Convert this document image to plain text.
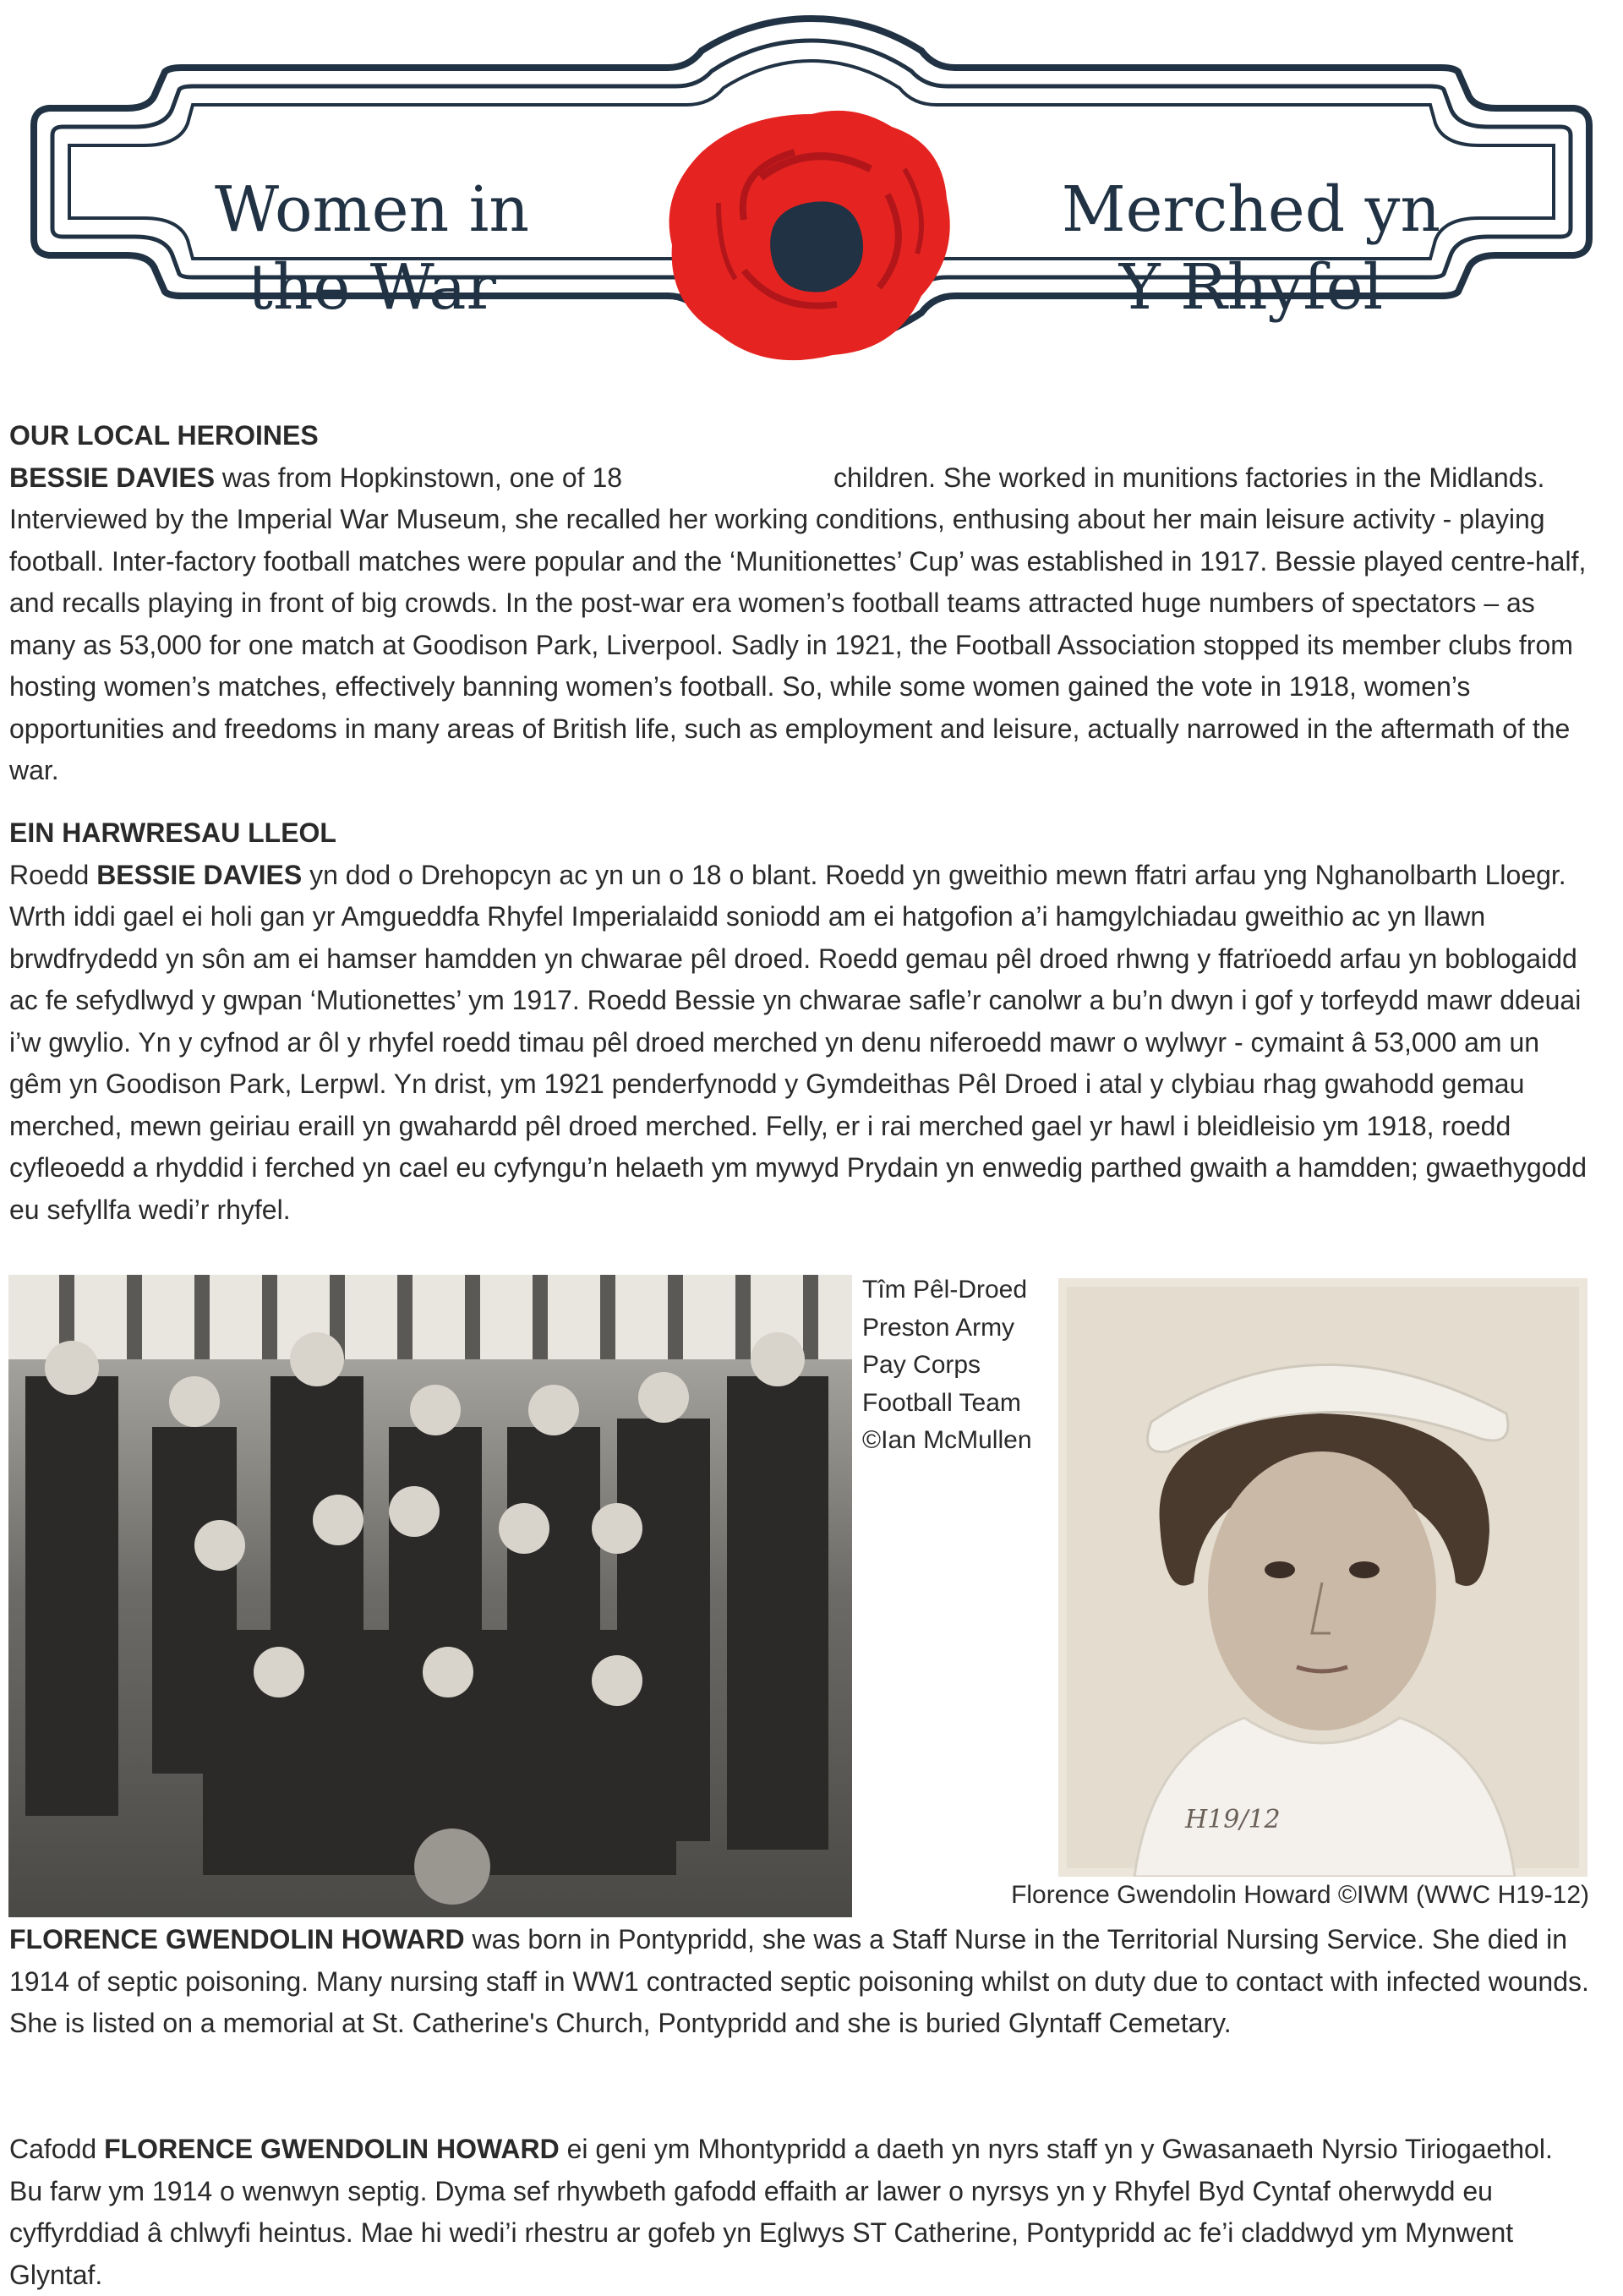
Women in
the War
Merched yn
Y Rhyfel

OUR LOCAL HEROINES
BESSIE DAVIES was from Hopkinstown, one of 18	children. She worked in munitions factories in the Midlands. Interviewed by the Imperial War Museum, she recalled her working conditions, enthusing about her main leisure activity - playing football. Inter-factory football matches were popular and the ‘Munitionettes’ Cup’ was established in 1917. Bessie played centre-half, and recalls playing in front of big crowds. In the post-war era women’s football teams attracted huge numbers of spectators – as many as 53,000 for one match at Goodison Park, Liverpool. Sadly in 1921, the Football Association stopped its member clubs from hosting women’s matches, effectively banning women’s football. So, while some women gained the vote in 1918, women’s opportunities and freedoms in many areas of British life, such as employment and leisure, actually narrowed in the aftermath of the war.

EIN HARWRESAU LLEOL
Roedd BESSIE DAVIES yn dod o Drehopcyn ac yn un o 18 o blant. Roedd yn gweithio mewn ffatri arfau yng Nghanolbarth Lloegr. Wrth iddi gael ei holi gan yr Amgueddfa Rhyfel Imperialaidd soniodd am ei hatgofion a’i hamgylchiadau gweithio ac yn llawn brwdfrydedd yn sôn am ei hamser hamdden yn chwarae pêl droed. Roedd gemau pêl droed rhwng y ffatrïoedd arfau yn boblogaidd ac fe sefydlwyd y gwpan ‘Mutionettes’ ym 1917. Roedd Bessie yn chwarae safle’r canolwr a bu’n dwyn i gof y torfeydd mawr ddeuai i’w gwylio. Yn y cyfnod ar ôl y rhyfel roedd timau pêl droed merched yn denu niferoedd mawr o wylwyr - cymaint â 53,000 am un gêm yn Goodison Park, Lerpwl. Yn drist, ym 1921 penderfynodd y Gymdeithas Pêl Droed i atal y clybiau rhag gwahodd gemau merched, mewn geiriau eraill yn gwahardd pêl droed merched. Felly, er i rai merched gael yr hawl i bleidleisio ym 1918, roedd cyfleoedd a rhyddid i ferched yn cael eu cyfyngu’n helaeth ym mywyd Prydain yn enwedig parthed gwaith a hamdden; gwaethygodd eu sefyllfa wedi’r rhyfel.

Tîm Pêl-Droed
Preston Army
Pay Corps
Football Team
©Ian McMullen
H19/12
Florence Gwendolin Howard ©IWM (WWC H19-12)

FLORENCE GWENDOLIN HOWARD was born in Pontypridd, she was a Staff Nurse in the Territorial Nursing Service. She died in 1914 of septic poisoning. Many nursing staff in WW1 contracted septic poisoning whilst on duty due to contact with infected wounds. She is listed on a memorial at St. Catherine's Church, Pontypridd and she is buried Glyntaff Cemetary.

Cafodd FLORENCE GWENDOLIN HOWARD ei geni ym Mhontypridd a daeth yn nyrs staff yn y Gwasanaeth Nyrsio Tiriogaethol. Bu farw ym 1914 o wenwyn septig. Dyma sef rhywbeth gafodd effaith ar lawer o nyrsys yn y Rhyfel Byd Cyntaf oherwydd eu cyffyrddiad â chlwyfi heintus. Mae hi wedi’i rhestru ar gofeb yn Eglwys ST Catherine, Pontypridd ac fe’i claddwyd ym Mynwent Glyntaf.
